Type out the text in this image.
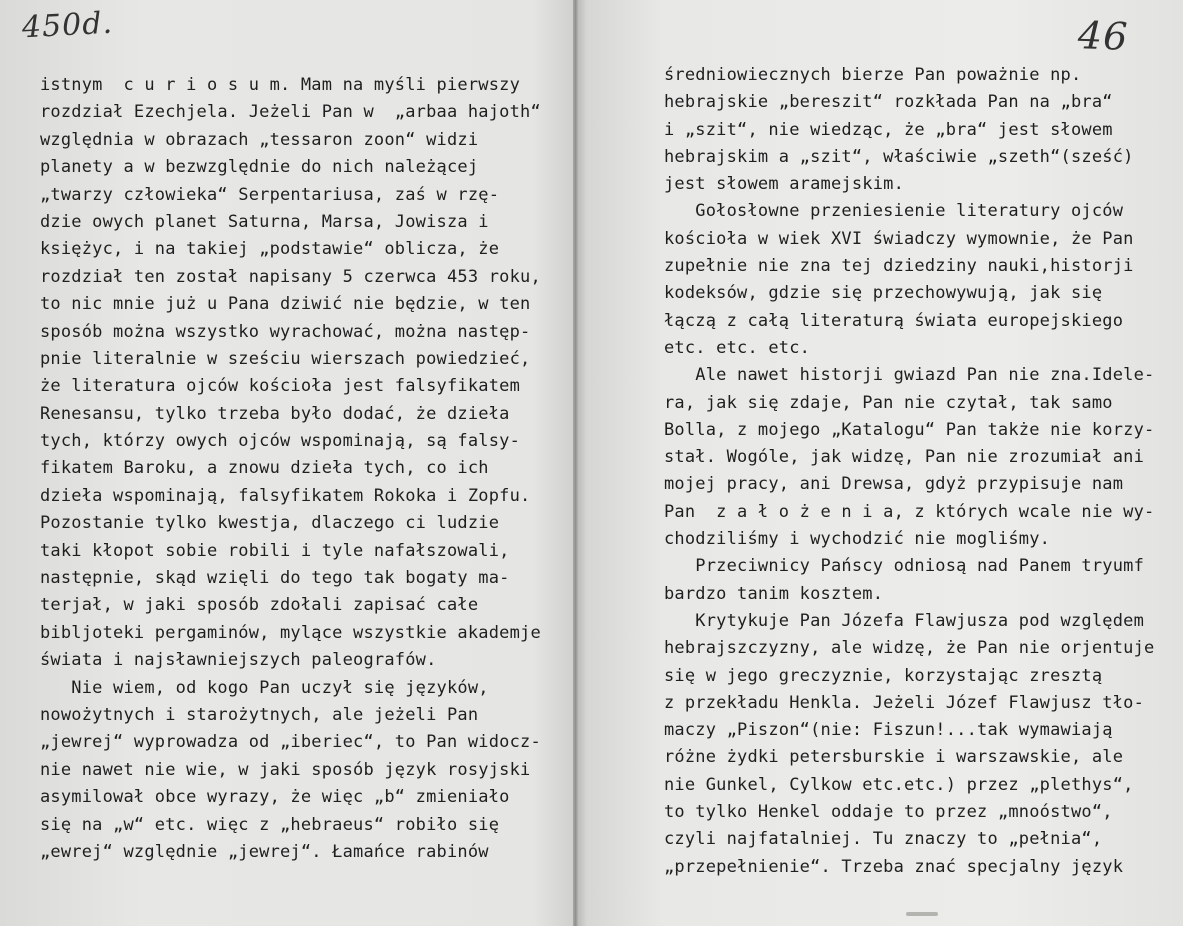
450d.
istnym  c u r i o s u m. Mam na myśli pierwszy
rozdział Ezechjela. Jeżeli Pan w  „arbaa hajoth“
względnia w obrazach „tessaron zoon“ widzi
planety a w bezwzględnie do nich należącej
„twarzy człowieka“ Serpentariusa, zaś w rzę-
dzie owych planet Saturna, Marsa, Jowisza i
księżyc, i na takiej „podstawie“ oblicza, że
rozdział ten został napisany 5 czerwca 453 roku,
to nic mnie już u Pana dziwić nie będzie, w ten
sposób można wszystko wyrachować, można następ-
pnie literalnie w sześciu wierszach powiedzieć,
że literatura ojców kościoła jest falsyfikatem
Renesansu, tylko trzeba było dodać, że dzieła
tych, którzy owych ojców wspominają, są falsy-
fikatem Baroku, a znowu dzieła tych, co ich
dzieła wspominają, falsyfikatem Rokoka i Zopfu.
Pozostanie tylko kwestja, dlaczego ci ludzie
taki kłopot sobie robili i tyle nafałszowali,
następnie, skąd wzięli do tego tak bogaty ma-
terjał, w jaki sposób zdołali zapisać całe
bibljoteki pergaminów, mylące wszystkie akademje
świata i najsławniejszych paleografów.
Nie wiem, od kogo Pan uczył się języków,
nowożytnych i starożytnych, ale jeżeli Pan
„jewrej“ wyprowadza od „iberiec“, to Pan widocz-
nie nawet nie wie, w jaki sposób język rosyjski
asymilował obce wyrazy, że więc „b“ zmieniało
się na „w“ etc. więc z „hebraeus“ robiło się
„ewrej“ względnie „jewrej“. Łamańce rabinów
46
średniowiecznych bierze Pan poważnie np.
hebrajskie „bereszit“ rozkłada Pan na „bra“
i „szit“, nie wiedząc, że „bra“ jest słowem
hebrajskim a „szit“, właściwie „szeth“(sześć)
jest słowem aramejskim.
Gołosłowne przeniesienie literatury ojców
kościoła w wiek XVI świadczy wymownie, że Pan
zupełnie nie zna tej dziedziny nauki,historji
kodeksów, gdzie się przechowywują, jak się
łączą z całą literaturą świata europejskiego
etc. etc. etc.
Ale nawet historji gwiazd Pan nie zna.Idele-
ra, jak się zdaje, Pan nie czytał, tak samo
Bolla, z mojego „Katalogu“ Pan także nie korzy-
stał. Wogóle, jak widzę, Pan nie zrozumiał ani
mojej pracy, ani Drewsa, gdyż przypisuje nam
Pan  z a ł o ż e n i a, z których wcale nie wy-
chodziliśmy i wychodzić nie mogliśmy.
Przeciwnicy Pańscy odniosą nad Panem tryumf
bardzo tanim kosztem.
Krytykuje Pan Józefa Flawjusza pod względem
hebrajszczyzny, ale widzę, że Pan nie orjentuje
się w jego greczyznie, korzystając zresztą
z przekładu Henkla. Jeżeli Józef Flawjusz tło-
maczy „Piszon“(nie: Fiszun!...tak wymawiają
różne żydki petersburskie i warszawskie, ale
nie Gunkel, Cylkow etc.etc.) przez „plethys“,
to tylko Henkel oddaje to przez „mnoóstwo“,
czyli najfatalniej. Tu znaczy to „pełnia“,
„przepełnienie“. Trzeba znać specjalny język
